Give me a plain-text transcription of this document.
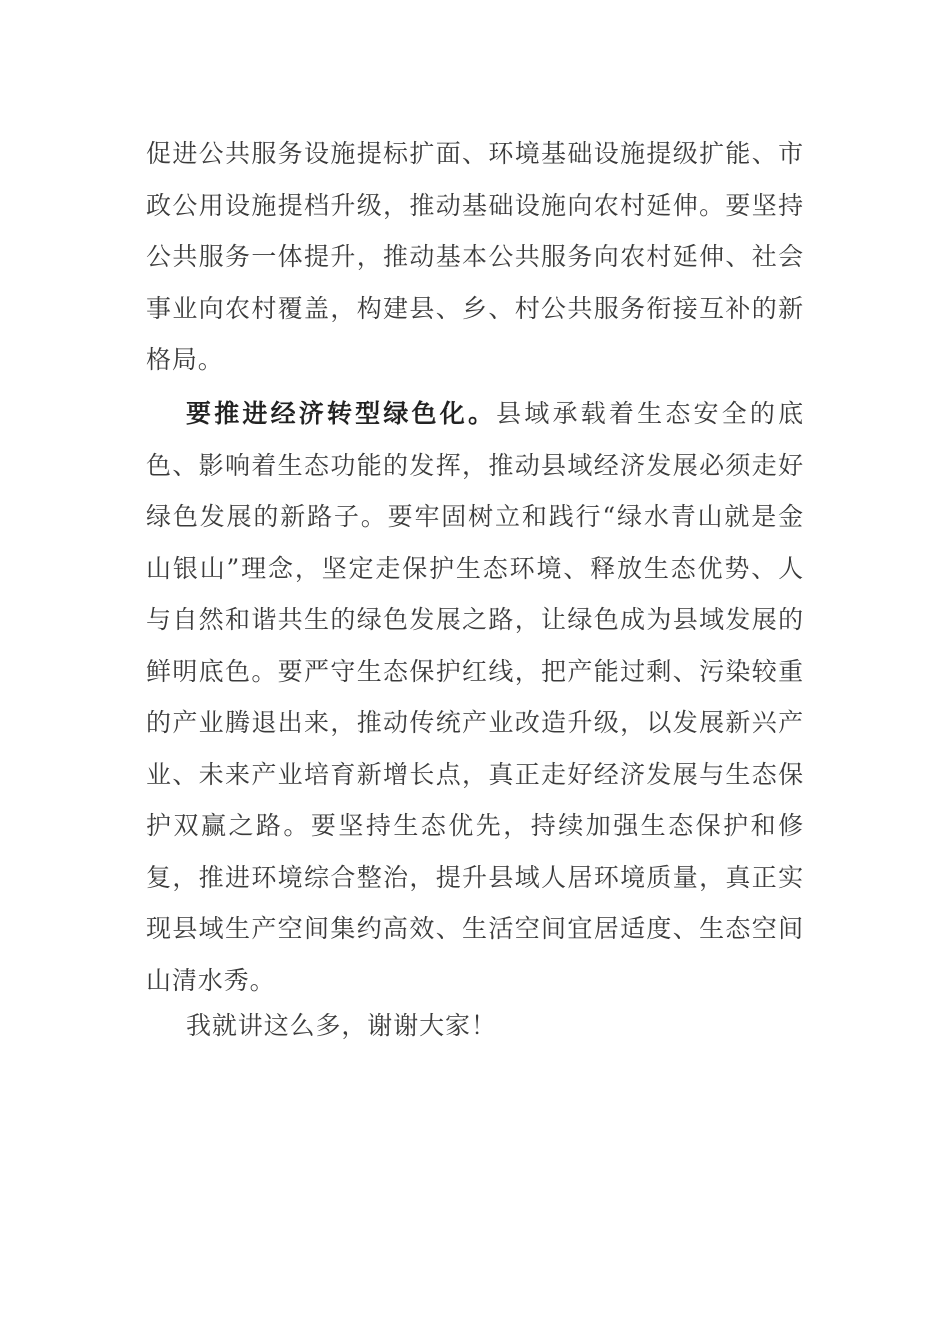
促进公共服务设施提标扩面、环境基础设施提级扩能、市政公用设施提档升级，推动基础设施向农村延伸。要坚持公共服务一体提升，推动基本公共服务向农村延伸、社会事业向农村覆盖，构建县、乡、村公共服务衔接互补的新格局。

要推进经济转型绿色化。县域承载着生态安全的底色、影响着生态功能的发挥，推动县域经济发展必须走好绿色发展的新路子。要牢固树立和践行“绿水青山就是金山银山”理念，坚定走保护生态环境、释放生态优势、人与自然和谐共生的绿色发展之路，让绿色成为县域发展的鲜明底色。要严守生态保护红线，把产能过剩、污染较重的产业腾退出来，推动传统产业改造升级，以发展新兴产业、未来产业培育新增长点，真正走好经济发展与生态保护双赢之路。要坚持生态优先，持续加强生态保护和修复，推进环境综合整治，提升县域人居环境质量，真正实现县域生产空间集约高效、生活空间宜居适度、生态空间山清水秀。

我就讲这么多，谢谢大家！
